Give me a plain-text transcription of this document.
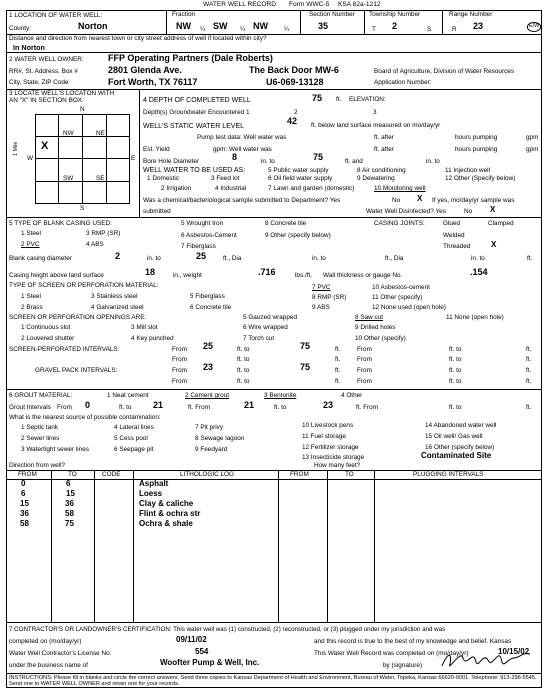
WATER WELL RECORD Form WWC-5 KSA 82a-1212
1 LOCATION OF WATER WELL:
County:	Norton
Fraction
NW ¼ SW ¼ NW	¼
Section Number
35
Township Number
T 2	S
Range Number
R 23	E/W
Distance and direction from nearest town or city street address of well if located within city?
In Norton
2 WATER WELL OWNER:	FFP Operating Partners (Dale Roberts)
RR#, St. Address, Box #	2801 Glenda Ave.	The Back Door MW-6	Board of Agriculture, Division of Water Resources
City, State, ZIP Code	Fort Worth, TX 76117	U6-069-13128	Application Number:
3 LOCATE WELL'S LOCATON WITH
AN "X" IN SECTION BOX:
N
S
W	E
NW	NE
SW	SE
X
1 Mile
4 DEPTH OF COMPLETED WELL	75 ft. ELEVATION:
Depth(s) Groundwater Encountered 1	2	3
WELL'S STATIC WATER LEVEL
42 ft. below land surface measured on mo/day/yr
Pump test data: Well water was	ft. after	hours pumping	gpm
Est. Yield	gpm: Well water was	ft. after	hours pumping	gpm
Bore Hole Diameter	8	in. to	75	ft. and	in. to
WELL WATER TO BE USED AS:
1 Domestic	3 Feed lot
5 Public water supply	8 Air conditioning	11 Injection well
6 Oil field water supply	9 Dewatering	12 Other (Specify below)
2 Irrigation	4 Industrial	7 Lawn and garden (domestic)	10 Monitoring well
Was a chemical/bacteriological sample submitted to Department? Yes	No X If yes, mo/day/yr sample was
submitted	Water Well Disinfected? Yes	No X
5 TYPE OF BLANK CASING USED:
1 Steel	3 RMP (SR)
5 Wrought Iron	8 Concrete tile
2 PVC	4 ABS
6 Asbestos-Cement	9 Other (specify below)
7 Fiberglass
CASING JOINTS:	Glued	Clamped
Welded
Threaded	X
Blank casing diameter	2	in. to	25	ft., Dia	in. to	ft., Dia	in. to	ft.
Casing height above land surface	18	in., weight	.716	lbs./ft. Wall thickness or gauge No.	.154
TYPE OF SCREEN OR PERFORATION MATERIAL:
1 Steel	3 Stainless steel	5 Fiberglass
7 PVC	10 Asbestos-cement
2 Brass	4 Galvanized steel	6 Concrete tile
8 RMP (SR)	11 Other (specify)
9 ABS	12 None used (open hole)
SCREEN OR PERFORATION OPENINGS ARE:	5 Gauzed wrapped	8 Saw cut	11 None (open hole)
1 Continuous slot	3 Mill slot	6 Wire wrapped	9 Drilled holes
2 Louvered shutter	4 Key punched	7 Torch cut	10 Other (specify)
SCREEN-PERFORATED INTERVALS:	From 25	ft. to	75	ft.	From	ft. to	ft.
From	ft. to	ft.	From	ft. to	ft.
GRAVEL PACK INTERVALS:	From 23	ft. to	75	ft.	From	ft. to	ft.
From	ft. to	ft.	From	ft. to	ft.
6 GROUT MATERIAL:	1 Neat cement	2 Cement grout	3 Bentonite	4 Other
Grout Intervals From 0	ft. to 21	ft. From	21	ft. to	23	ft. From	ft. to	ft.
What is the nearest source of possible contamination:
1 Septic tank	4 Lateral lines	7 Pit privy	10 Livestock pens	14 Abandoned water well
2 Sewer lines	5 Cess pool	8 Sewage lagoon	11 Fuel storage	15 Oil well/ Gas well
3 Watertight sewer lines	6 Seepage pit	9 Feedyard	12 Fertilizer storage	16 Other (specify below)
13 Insecticide storage	Contaminated Site
Direction from well?	How many feet?
FROM	TO	CODE	LITHOLOGIC LOG	FROM	TO	PLUGGING INTERVALS
0	6	Asphalt
6	15	Loess
15	36	Clay & caliche
36	58	Flint & ochra str
58	75	Ochra & shale
7 CONTRACTOR'S OR LANDOWNER'S CERTIFICATION: This water well was (1) constructed, (2) reconstructed, or (3) plugged under my jurisdiction and was
completed on (mo/day/yr)	09/11/02	and this record is true to the best of my knowledge and belief. Kansas
Water Well Contractor's License No.	554	This Water Well Record was completed on (mo/day/yr)	10/15/02
under the business name of	Woofter Pump & Well, Inc.	by (signature)
INSTRUCTIONS: Please fill in blanks and circle the correct answers. Send three copies to Kansas Department of Health and Environment, Bureau of Water, Topeka, Kansas 66620-0001. Telephone: 913-296-5545. Send one to WATER WELL OWNER and retain one for your records.
